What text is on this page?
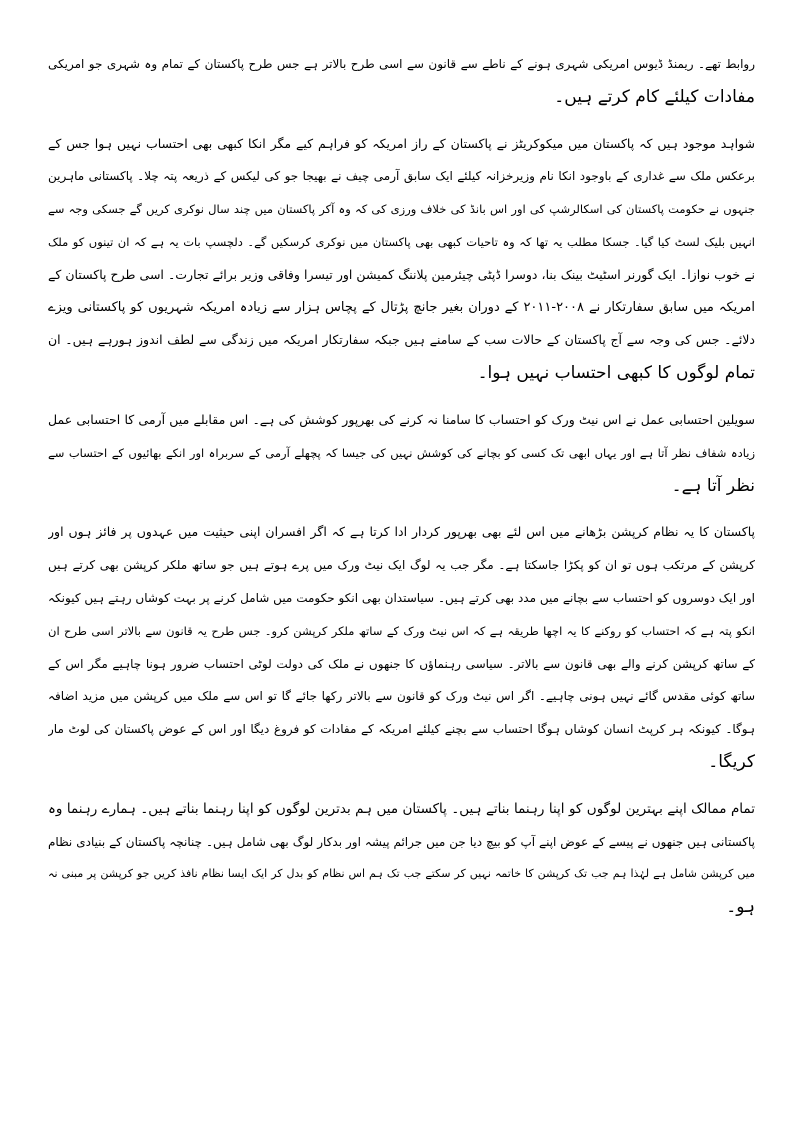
روابط تھے۔ ریمنڈ ڈیوس امریکی شہری ہونے کے ناطے سے قانون سے اسی طرح بالاتر ہے جس طرح پاکستان کے تمام وہ شہری جو امریکی
مفادات کیلئے کام کرتے ہیں۔
شواہد موجود ہیں کہ پاکستان میں میکوکریٹز نے پاکستان کے راز امریکہ کو فراہم کیے مگر انکا کبھی بھی احتساب نہیں ہوا جس کے
برعکس ملک سے غداری کے باوجود انکا نام وزیرخزانہ کیلئے ایک سابق آرمی چیف نے بھیجا جو کی لیکس کے ذریعہ پتہ چلا۔ پاکستانی ماہرین
جنہوں نے حکومت پاکستان کی اسکالرشپ کی اور اس بانڈ کی خلاف ورزی کی کہ وہ آکر پاکستان میں چند سال نوکری کریں گے جسکی وجہ سے
انہیں بلیک لسٹ کیا گیا۔ جسکا مطلب یہ تھا کہ وہ تاحیات کبھی بھی پاکستان میں نوکری کرسکیں گے۔ دلچسپ بات یہ ہے کہ ان تینوں کو ملک
نے خوب نوازا۔ ایک گورنر اسٹیٹ بینک بنا، دوسرا ڈپٹی چیئرمین پلاننگ کمیشن اور تیسرا وفاقی وزیر برائے تجارت۔ اسی طرح پاکستان کے
امریکہ میں سابق سفارتکار نے ۲۰۰۸-۲۰۱۱ کے دوران بغیر جانچ پڑتال کے پچاس ہزار سے زیادہ امریکہ شہریوں کو پاکستانی ویزے
دلائے۔ جس کی وجہ سے آج پاکستان کے حالات سب کے سامنے ہیں جبکہ سفارتکار امریکہ میں زندگی سے لطف اندوز ہورہے ہیں۔ ان
تمام لوگوں کا کبھی احتساب نہیں ہوا۔
سویلین احتسابی عمل نے اس نیٹ ورک کو احتساب کا سامنا نہ کرنے کی بھرپور کوشش کی ہے۔ اس مقابلے میں آرمی کا احتسابی عمل
زیادہ شفاف نظر آتا ہے اور یہاں ابھی تک کسی کو بچانے کی کوشش نہیں کی جیسا کہ پچھلے آرمی کے سربراہ اور انکے بھائیوں کے احتساب سے
نظر آتا ہے۔
پاکستان کا یہ نظام کرپشن بڑھانے میں اس لئے بھی بھرپور کردار ادا کرتا ہے کہ اگر افسران اپنی حیثیت میں عہدوں پر فائز ہوں اور
کرپشن کے مرتکب ہوں تو ان کو پکڑا جاسکتا ہے۔ مگر جب یہ لوگ ایک نیٹ ورک میں پرے ہوتے ہیں جو ساتھ ملکر کرپشن بھی کرتے ہیں
اور ایک دوسروں کو احتساب سے بچانے میں مدد بھی کرتے ہیں۔ سیاستدان بھی انکو حکومت میں شامل کرنے پر بہت کوشاں رہتے ہیں کیونکہ
انکو پتہ ہے کہ احتساب کو روکنے کا یہ اچھا طریقہ ہے کہ اس نیٹ ورک کے ساتھ ملکر کرپشن کرو۔ جس طرح یہ قانون سے بالاتر اسی طرح ان
کے ساتھ کرپشن کرنے والے بھی قانون سے بالاتر۔ سیاسی رہنماؤں کا جنھوں نے ملک کی دولت لوٹی احتساب ضرور ہونا چاہیے مگر اس کے
ساتھ کوئی مقدس گائے نہیں ہونی چاہیے۔ اگر اس نیٹ ورک کو قانون سے بالاتر رکھا جائے گا تو اس سے ملک میں کرپشن میں مزید اضافہ
ہوگا۔ کیونکہ ہر کرپٹ انسان کوشاں ہوگا احتساب سے بچنے کیلئے امریکہ کے مفادات کو فروغ دیگا اور اس کے عوض پاکستان کی لوٹ مار
کریگا۔
تمام ممالک اپنے بہترین لوگوں کو اپنا رہنما بناتے ہیں۔ پاکستان میں ہم بدترین لوگوں کو اپنا رہنما بناتے ہیں۔ ہمارے رہنما وہ
پاکستانی ہیں جنھوں نے پیسے کے عوض اپنے آپ کو بیچ دیا جن میں جرائم پیشہ اور بدکار لوگ بھی شامل ہیں۔ چنانچہ پاکستان کے بنیادی نظام
میں کرپشن شامل ہے لہٰذا ہم جب تک کرپشن کا خاتمہ نہیں کر سکتے جب تک ہم اس نظام کو بدل کر ایک ایسا نظام نافذ کریں جو کرپشن پر مبنی نہ
ہو۔
